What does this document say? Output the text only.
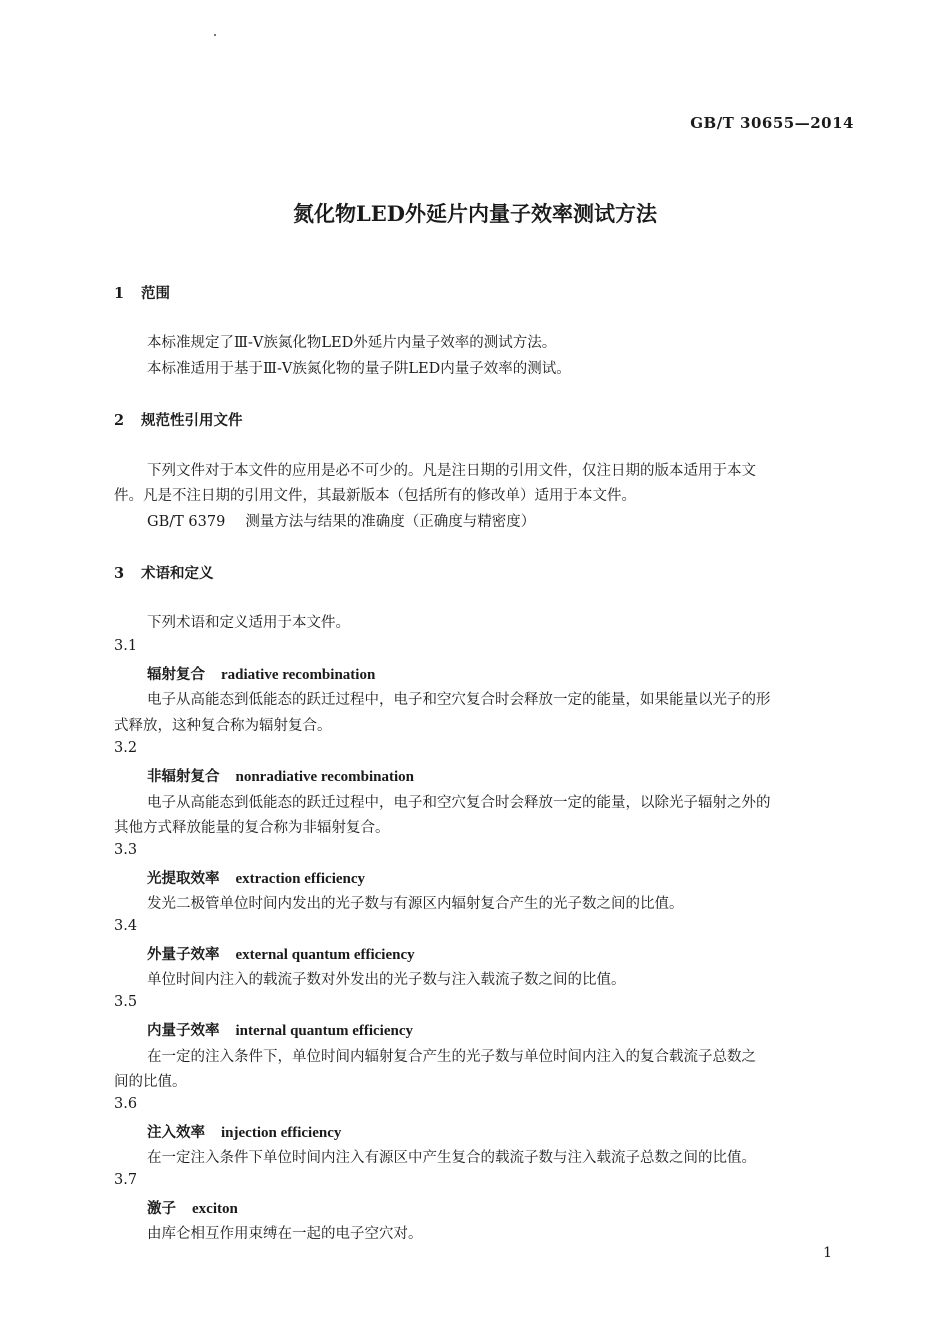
GB/T 30655—2014
氮化物LED外延片内量子效率测试方法
1 范围
本标准规定了Ⅲ-Ⅴ族氮化物LED外延片内量子效率的测试方法。
本标准适用于基于Ⅲ-Ⅴ族氮化物的量子阱LED内量子效率的测试。
2 规范性引用文件
下列文件对于本文件的应用是必不可少的。凡是注日期的引用文件，仅注日期的版本适用于本文
件。凡是不注日期的引用文件，其最新版本（包括所有的修改单）适用于本文件。
GB/T 6379 测量方法与结果的准确度（正确度与精密度）
3 术语和定义
下列术语和定义适用于本文件。
3.1
辐射复合 radiative recombination
电子从高能态到低能态的跃迁过程中，电子和空穴复合时会释放一定的能量，如果能量以光子的形
式释放，这种复合称为辐射复合。
3.2
非辐射复合 nonradiative recombination
电子从高能态到低能态的跃迁过程中，电子和空穴复合时会释放一定的能量，以除光子辐射之外的
其他方式释放能量的复合称为非辐射复合。
3.3
光提取效率 extraction efficiency
发光二极管单位时间内发出的光子数与有源区内辐射复合产生的光子数之间的比值。
3.4
外量子效率 external quantum efficiency
单位时间内注入的载流子数对外发出的光子数与注入载流子数之间的比值。
3.5
内量子效率 internal quantum efficiency
在一定的注入条件下，单位时间内辐射复合产生的光子数与单位时间内注入的复合载流子总数之
间的比值。
3.6
注入效率 injection efficiency
在一定注入条件下单位时间内注入有源区中产生复合的载流子数与注入载流子总数之间的比值。
3.7
激子 exciton
由库仑相互作用束缚在一起的电子空穴对。
1
